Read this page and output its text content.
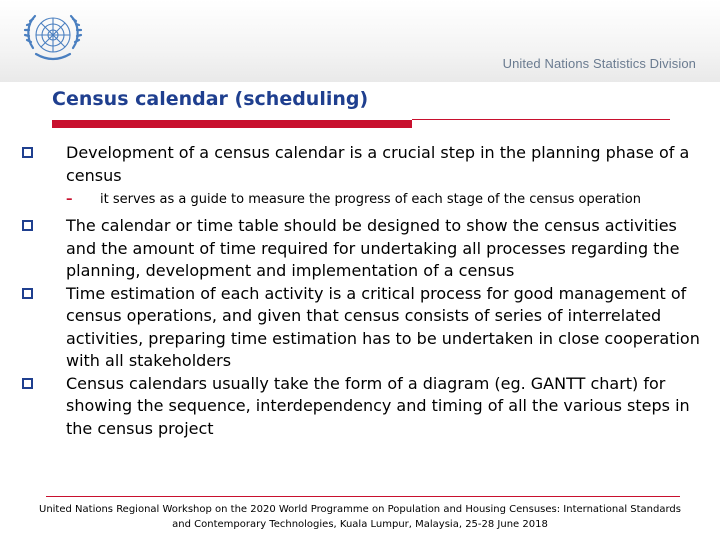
United Nations Statistics Division
Census calendar (scheduling)
Development of a census calendar is a crucial step in the planning phase of a census
– it serves as a guide to measure the progress of each stage of the census operation
The calendar or time table should be designed to show the census activities and the amount of time required for undertaking all processes regarding the planning, development and implementation of a census
Time estimation of each activity is a critical process for good management of census operations, and given that census consists of series of interrelated activities, preparing time estimation has to be undertaken in close cooperation with all stakeholders
Census calendars usually take the form of a diagram (eg. GANTT chart) for showing the sequence, interdependency and timing of all the various steps in the census project
United Nations Regional Workshop on the 2020 World Programme on Population and Housing Censuses: International Standards
and Contemporary Technologies, Kuala Lumpur, Malaysia, 25-28 June 2018
